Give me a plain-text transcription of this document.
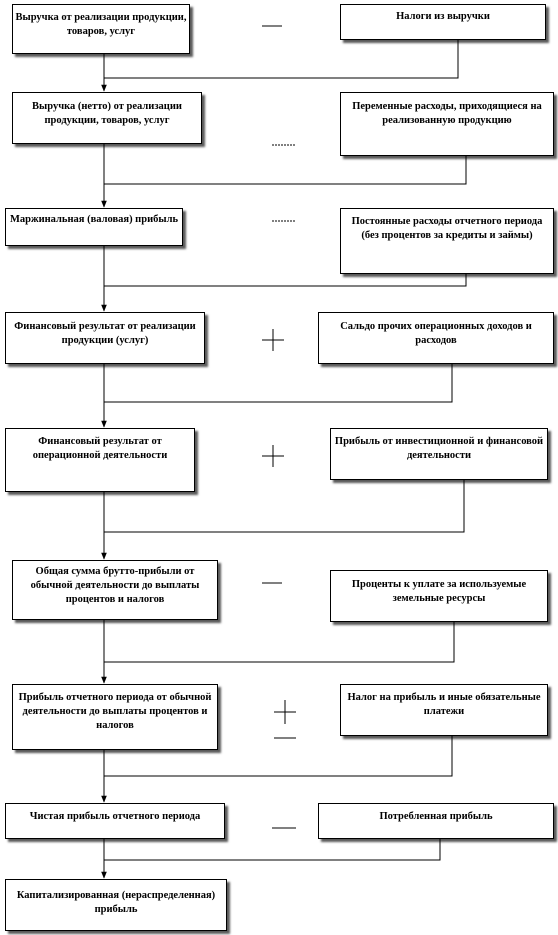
Выручка от реализации продукции, товаров, услуг
Выручка (нетто) от реализации продукции, товаров, услуг
Маржинальная (валовая) прибыль
Финансовый результат от реализации продукции (услуг)
Финансовый результат от операционной деятельности
Общая сумма брутто-прибыли от обычной деятельности до выплаты процентов и налогов
Прибыль отчетного периода от обычной деятельности до выплаты процентов и налогов
Чистая прибыль отчетного периода
Капитализированная (нераспределенная) прибыль
Налоги из выручки
Переменные расходы, приходящиеся на реализованную продукцию
Постоянные расходы отчетного периода (без процентов за кредиты и займы)
Сальдо прочих операционных доходов и расходов
Прибыль от инвестиционной и финансовой деятельности
Проценты к уплате за используемые земельные ресурсы
Налог на прибыль и иные обязательные платежи
Потребленная прибыль
